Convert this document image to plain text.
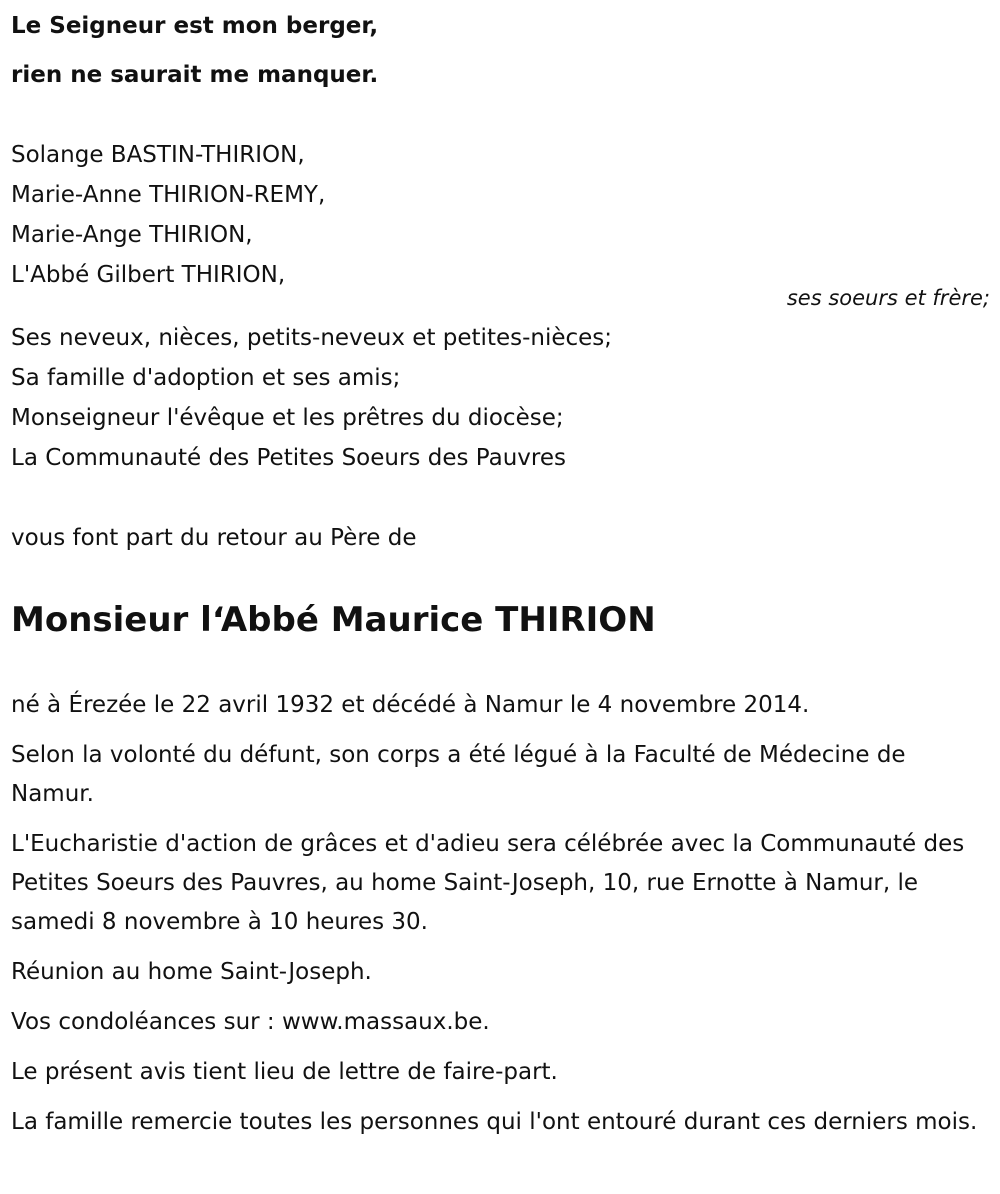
Le Seigneur est mon berger,
rien ne saurait me manquer.
Solange BASTIN-THIRION,
Marie-Anne THIRION-REMY,
Marie-Ange THIRION,
L'Abbé Gilbert THIRION,
ses soeurs et frère;
Ses neveux, nièces, petits-neveux et petites-nièces;
Sa famille d'adoption et ses amis;
Monseigneur l'évêque et les prêtres du diocèse;
La Communauté des Petites Soeurs des Pauvres
vous font part du retour au Père de
Monsieur l‘Abbé Maurice THIRION

né à Érezée le 22 avril 1932 et décédé à Namur le 4 novembre 2014.

Selon la volonté du défunt, son corps a été légué à la Faculté de Médecine de Namur.

L'Eucharistie d'action de grâces et d'adieu sera célébrée avec la Communauté des Petites Soeurs des Pauvres, au home Saint-Joseph, 10, rue Ernotte à Namur, le samedi 8 novembre à 10 heures 30.

Réunion au home Saint-Joseph.

Vos condoléances sur : www.massaux.be.

Le présent avis tient lieu de lettre de faire-part.

La famille remercie toutes les personnes qui l'ont entouré durant ces derniers mois.
